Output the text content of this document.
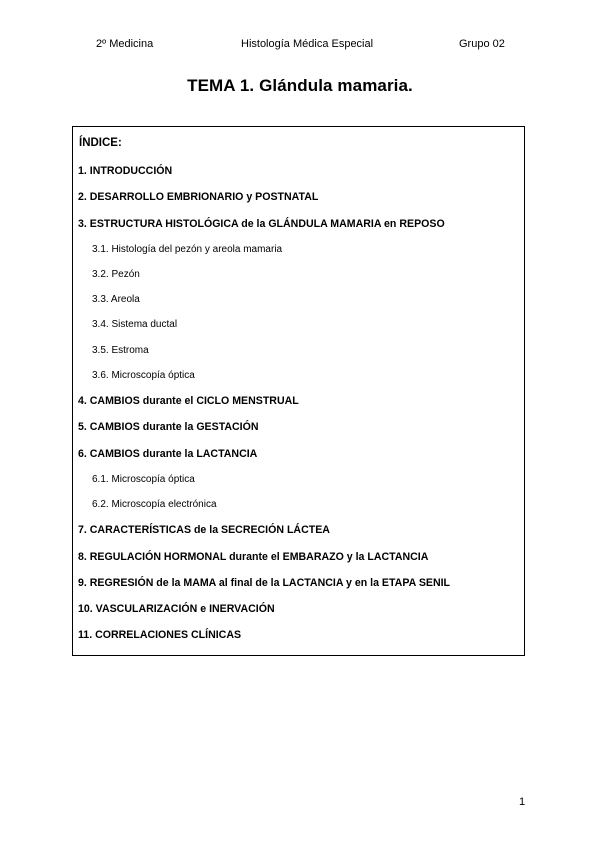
2º Medicina	Histología Médica Especial	Grupo 02
TEMA 1. Glándula mamaria.
ÍNDICE:
1. INTRODUCCIÓN
2. DESARROLLO EMBRIONARIO y POSTNATAL
3. ESTRUCTURA HISTOLÓGICA de la GLÁNDULA MAMARIA en REPOSO
3.1. Histología del pezón y areola mamaria
3.2. Pezón
3.3. Areola
3.4. Sistema ductal
3.5. Estroma
3.6. Microscopía óptica
4. CAMBIOS durante el CICLO MENSTRUAL
5. CAMBIOS durante la GESTACIÓN
6. CAMBIOS durante la LACTANCIA
6.1. Microscopía óptica
6.2. Microscopía electrónica
7. CARACTERÍSTICAS de la SECRECIÓN LÁCTEA
8. REGULACIÓN HORMONAL durante el EMBARAZO y la LACTANCIA
9. REGRESIÓN de la MAMA al final de la LACTANCIA y en la ETAPA SENIL
10. VASCULARIZACIÓN e INERVACIÓN
11. CORRELACIONES CLÍNICAS
1
